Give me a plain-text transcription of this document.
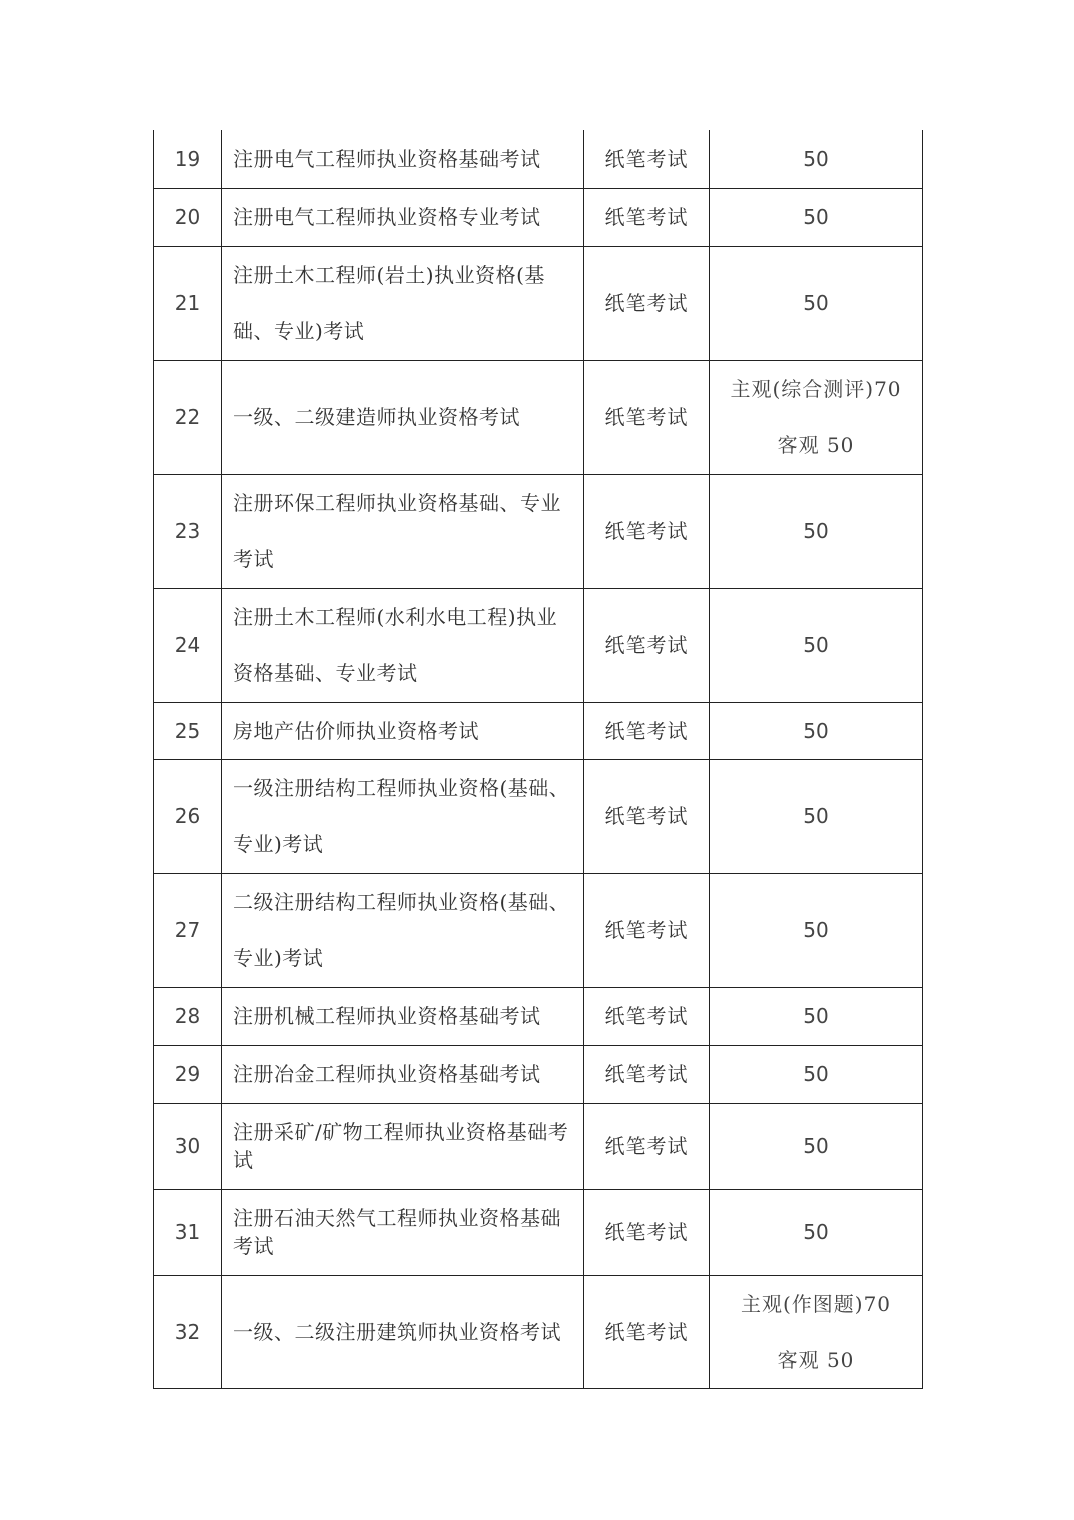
19	注册电气工程师执业资格基础考试	纸笔考试	50
20	注册电气工程师执业资格专业考试	纸笔考试	50
21	注册土木工程师(岩土)执业资格(基础、专业)考试	纸笔考试	50
22	一级、二级建造师执业资格考试	纸笔考试	主观(综合测评)70
客观 50

23	注册环保工程师执业资格基础、专业考试	纸笔考试	50
24	注册土木工程师(水利水电工程)执业资格基础、专业考试	纸笔考试	50
25	房地产估价师执业资格考试	纸笔考试	50
26	一级注册结构工程师执业资格(基础、专业)考试	纸笔考试	50
27	二级注册结构工程师执业资格(基础、专业)考试	纸笔考试	50
28	注册机械工程师执业资格基础考试	纸笔考试	50
29	注册冶金工程师执业资格基础考试	纸笔考试	50
30	注册采矿/矿物工程师执业资格基础考试	纸笔考试	50
31	注册石油天然气工程师执业资格基础考试	纸笔考试	50
32	一级、二级注册建筑师执业资格考试	纸笔考试	主观(作图题)70
客观 50
